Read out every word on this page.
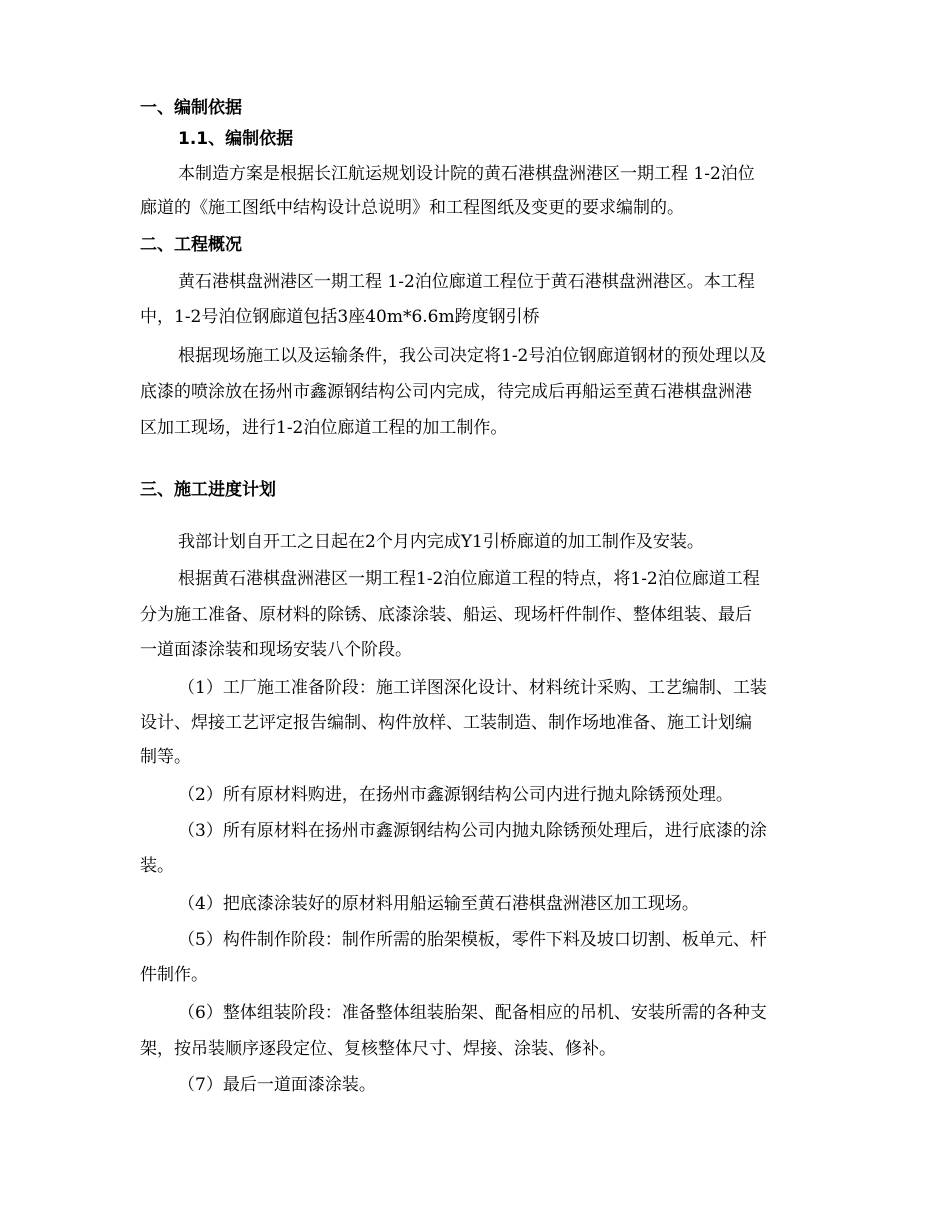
一、编制依据
1.1、编制依据
本制造方案是根据长江航运规划设计院的黄石港棋盘洲港区一期工程 1-2泊位
廊道的《施工图纸中结构设计总说明》和工程图纸及变更的要求编制的。
二、工程概况
黄石港棋盘洲港区一期工程 1-2泊位廊道工程位于黄石港棋盘洲港区。本工程
中，1-2号泊位钢廊道包括3座40m*6.6m跨度钢引桥
根据现场施工以及运输条件，我公司决定将1-2号泊位钢廊道钢材的预处理以及
底漆的喷涂放在扬州市鑫源钢结构公司内完成，待完成后再船运至黄石港棋盘洲港
区加工现场，进行1-2泊位廊道工程的加工制作。
三、施工进度计划
我部计划自开工之日起在2个月内完成Y1引桥廊道的加工制作及安装。
根据黄石港棋盘洲港区一期工程1-2泊位廊道工程的特点，将1-2泊位廊道工程
分为施工准备、原材料的除锈、底漆涂装、船运、现场杆件制作、整体组装、最后
一道面漆涂装和现场安装八个阶段。
（1）工厂施工准备阶段：施工详图深化设计、材料统计采购、工艺编制、工装
设计、焊接工艺评定报告编制、构件放样、工装制造、制作场地准备、施工计划编
制等。
（2）所有原材料购进，在扬州市鑫源钢结构公司内进行抛丸除锈预处理。
（3）所有原材料在扬州市鑫源钢结构公司内抛丸除锈预处理后，进行底漆的涂
装。
（4）把底漆涂装好的原材料用船运输至黄石港棋盘洲港区加工现场。
（5）构件制作阶段：制作所需的胎架模板，零件下料及坡口切割、板单元、杆
件制作。
（6）整体组装阶段：准备整体组装胎架、配备相应的吊机、安装所需的各种支
架，按吊装顺序逐段定位、复核整体尺寸、焊接、涂装、修补。
（7）最后一道面漆涂装。
